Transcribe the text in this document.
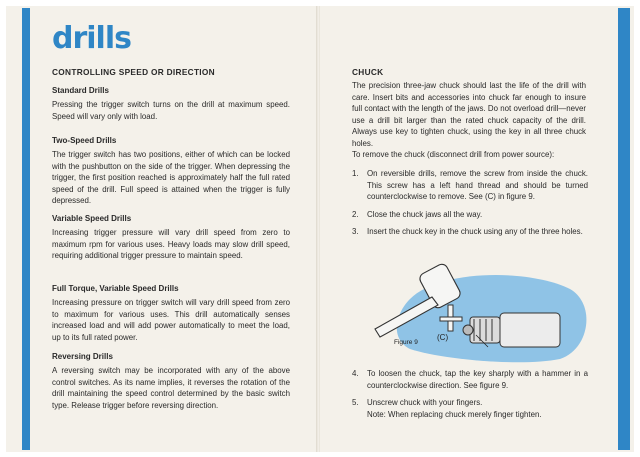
drills
CONTROLLING SPEED OR DIRECTION
Standard Drills

Pressing the trigger switch turns on the drill at maximum speed. Speed will vary only with load.

Two-Speed Drills

The trigger switch has two positions, either of which can be locked with the pushbutton on the side of the trigger. When depressing the trigger, the first position reached is approximately half the full rated speed of the drill. Full speed is attained when the trigger is fully depressed.

Variable Speed Drills

Increasing trigger pressure will vary drill speed from zero to maximum rpm for various uses. Heavy loads may slow drill speed, requiring additional trigger pressure to maintain speed.

Full Torque, Variable Speed Drills

Increasing pressure on trigger switch will vary drill speed from zero to maximum for various uses. This drill automatically senses increased load and will add power automatically to meet the load, up to its full rated power.

Reversing Drills

A reversing switch may be incorporated with any of the above control switches. As its name implies, it reverses the rotation of the drill maintaining the speed control determined by the basic switch type. Release trigger before reversing direction.

CHUCK

The precision three-jaw chuck should last the life of the drill with care. Insert bits and accessories into chuck far enough to insure full contact with the length of the jaws. Do not overload drill—never use a drill bit larger than the rated chuck capacity of the drill. Always use key to tighten chuck, using the key in all three chuck holes.

To remove the chuck (disconnect drill from power source):

1. On reversible drills, remove the screw from inside the chuck. This screw has a left hand thread and should be turned counterclockwise to remove. See (C) in figure 9.
2. Close the chuck jaws all the way.
3. Insert the chuck key in the chuck using any of the three holes.
4. To loosen the chuck, tap the key sharply with a hammer in a counterclockwise direction. See figure 9.
5. Unscrew chuck with your fingers.
Note: When replacing chuck merely finger tighten.
Figure 9
(C)
